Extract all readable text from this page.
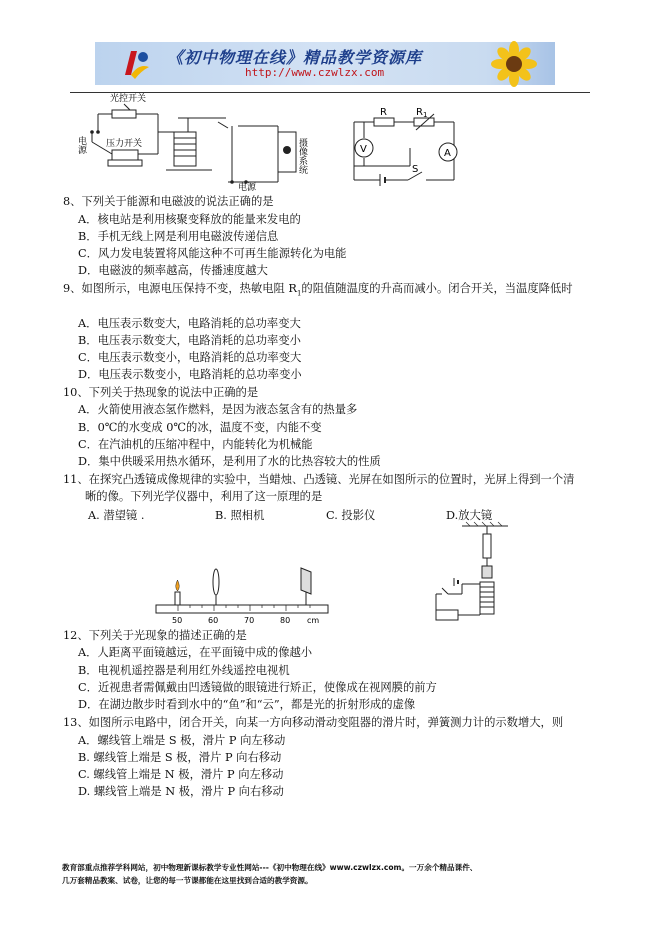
《初中物理在线》精品教学资源库
http://www.czwlzx.com
光控开关
电源 压力开关
电源
摄像系统
R	R 1
V	A
S
8、下列关于能源和电磁波的说法正确的是
A．核电站是利用核聚变释放的能量来发电的
B．手机无线上网是利用电磁波传递信息
C．风力发电装置将风能这种不可再生能源转化为电能
D．电磁波的频率越高，传播速度越大
9、如图所示，电源电压保持不变，热敏电阻 $R_1$的阻值随温度的升高而减小。闭合开关，当温度降低时
A．电压表示数变大，电路消耗的总功率变大
B．电压表示数变大，电路消耗的总功率变小
C．电压表示数变小，电路消耗的总功率变大
D．电压表示数变小，电路消耗的总功率变小
10、下列关于热现象的说法中正确的是
A．火箭使用液态氢作燃料，是因为液态氢含有的热量多
B．0℃的水变成 0℃的冰，温度不变，内能不变
C．在汽油机的压缩冲程中，内能转化为机械能
D．集中供暖采用热水循环，是利用了水的比热容较大的性质
11、在探究凸透镜成像规律的实验中，当蜡烛、凸透镜、光屏在如图所示的位置时，光屏上得到一个清
晰的像。下列光学仪器中，利用了这一原理的是
A. 潜望镜 .	B. 照相机	C. 投影仪	D.放大镜
50	60	70	80 cm
12、下列关于光现象的描述正确的是
A．人距离平面镜越远，在平面镜中成的像越小
B．电视机遥控器是利用红外线遥控电视机
C．近视患者需佩戴由凹透镜做的眼镜进行矫正，使像成在视网膜的前方
D．在湖边散步时看到水中的“鱼”和“云”，都是光的折射形成的虚像
13、如图所示电路中，闭合开关，向某一方向移动滑动变阻器的滑片时，弹簧测力计的示数增大，则
A．螺线管上端是 S 极，滑片 P 向左移动
B. 螺线管上端是 S 极，滑片 P 向右移动
C. 螺线管上端是 N 极，滑片 P 向左移动
D. 螺线管上端是 N 极，滑片 P 向右移动
教育部重点推荐学科网站，初中物理新课标教学专业性网站---《初中物理在线》www.czwlzx.com。一万余个精品课件、
几万套精品教案、试卷，让您的每一节课都能在这里找到合适的教学资源。
